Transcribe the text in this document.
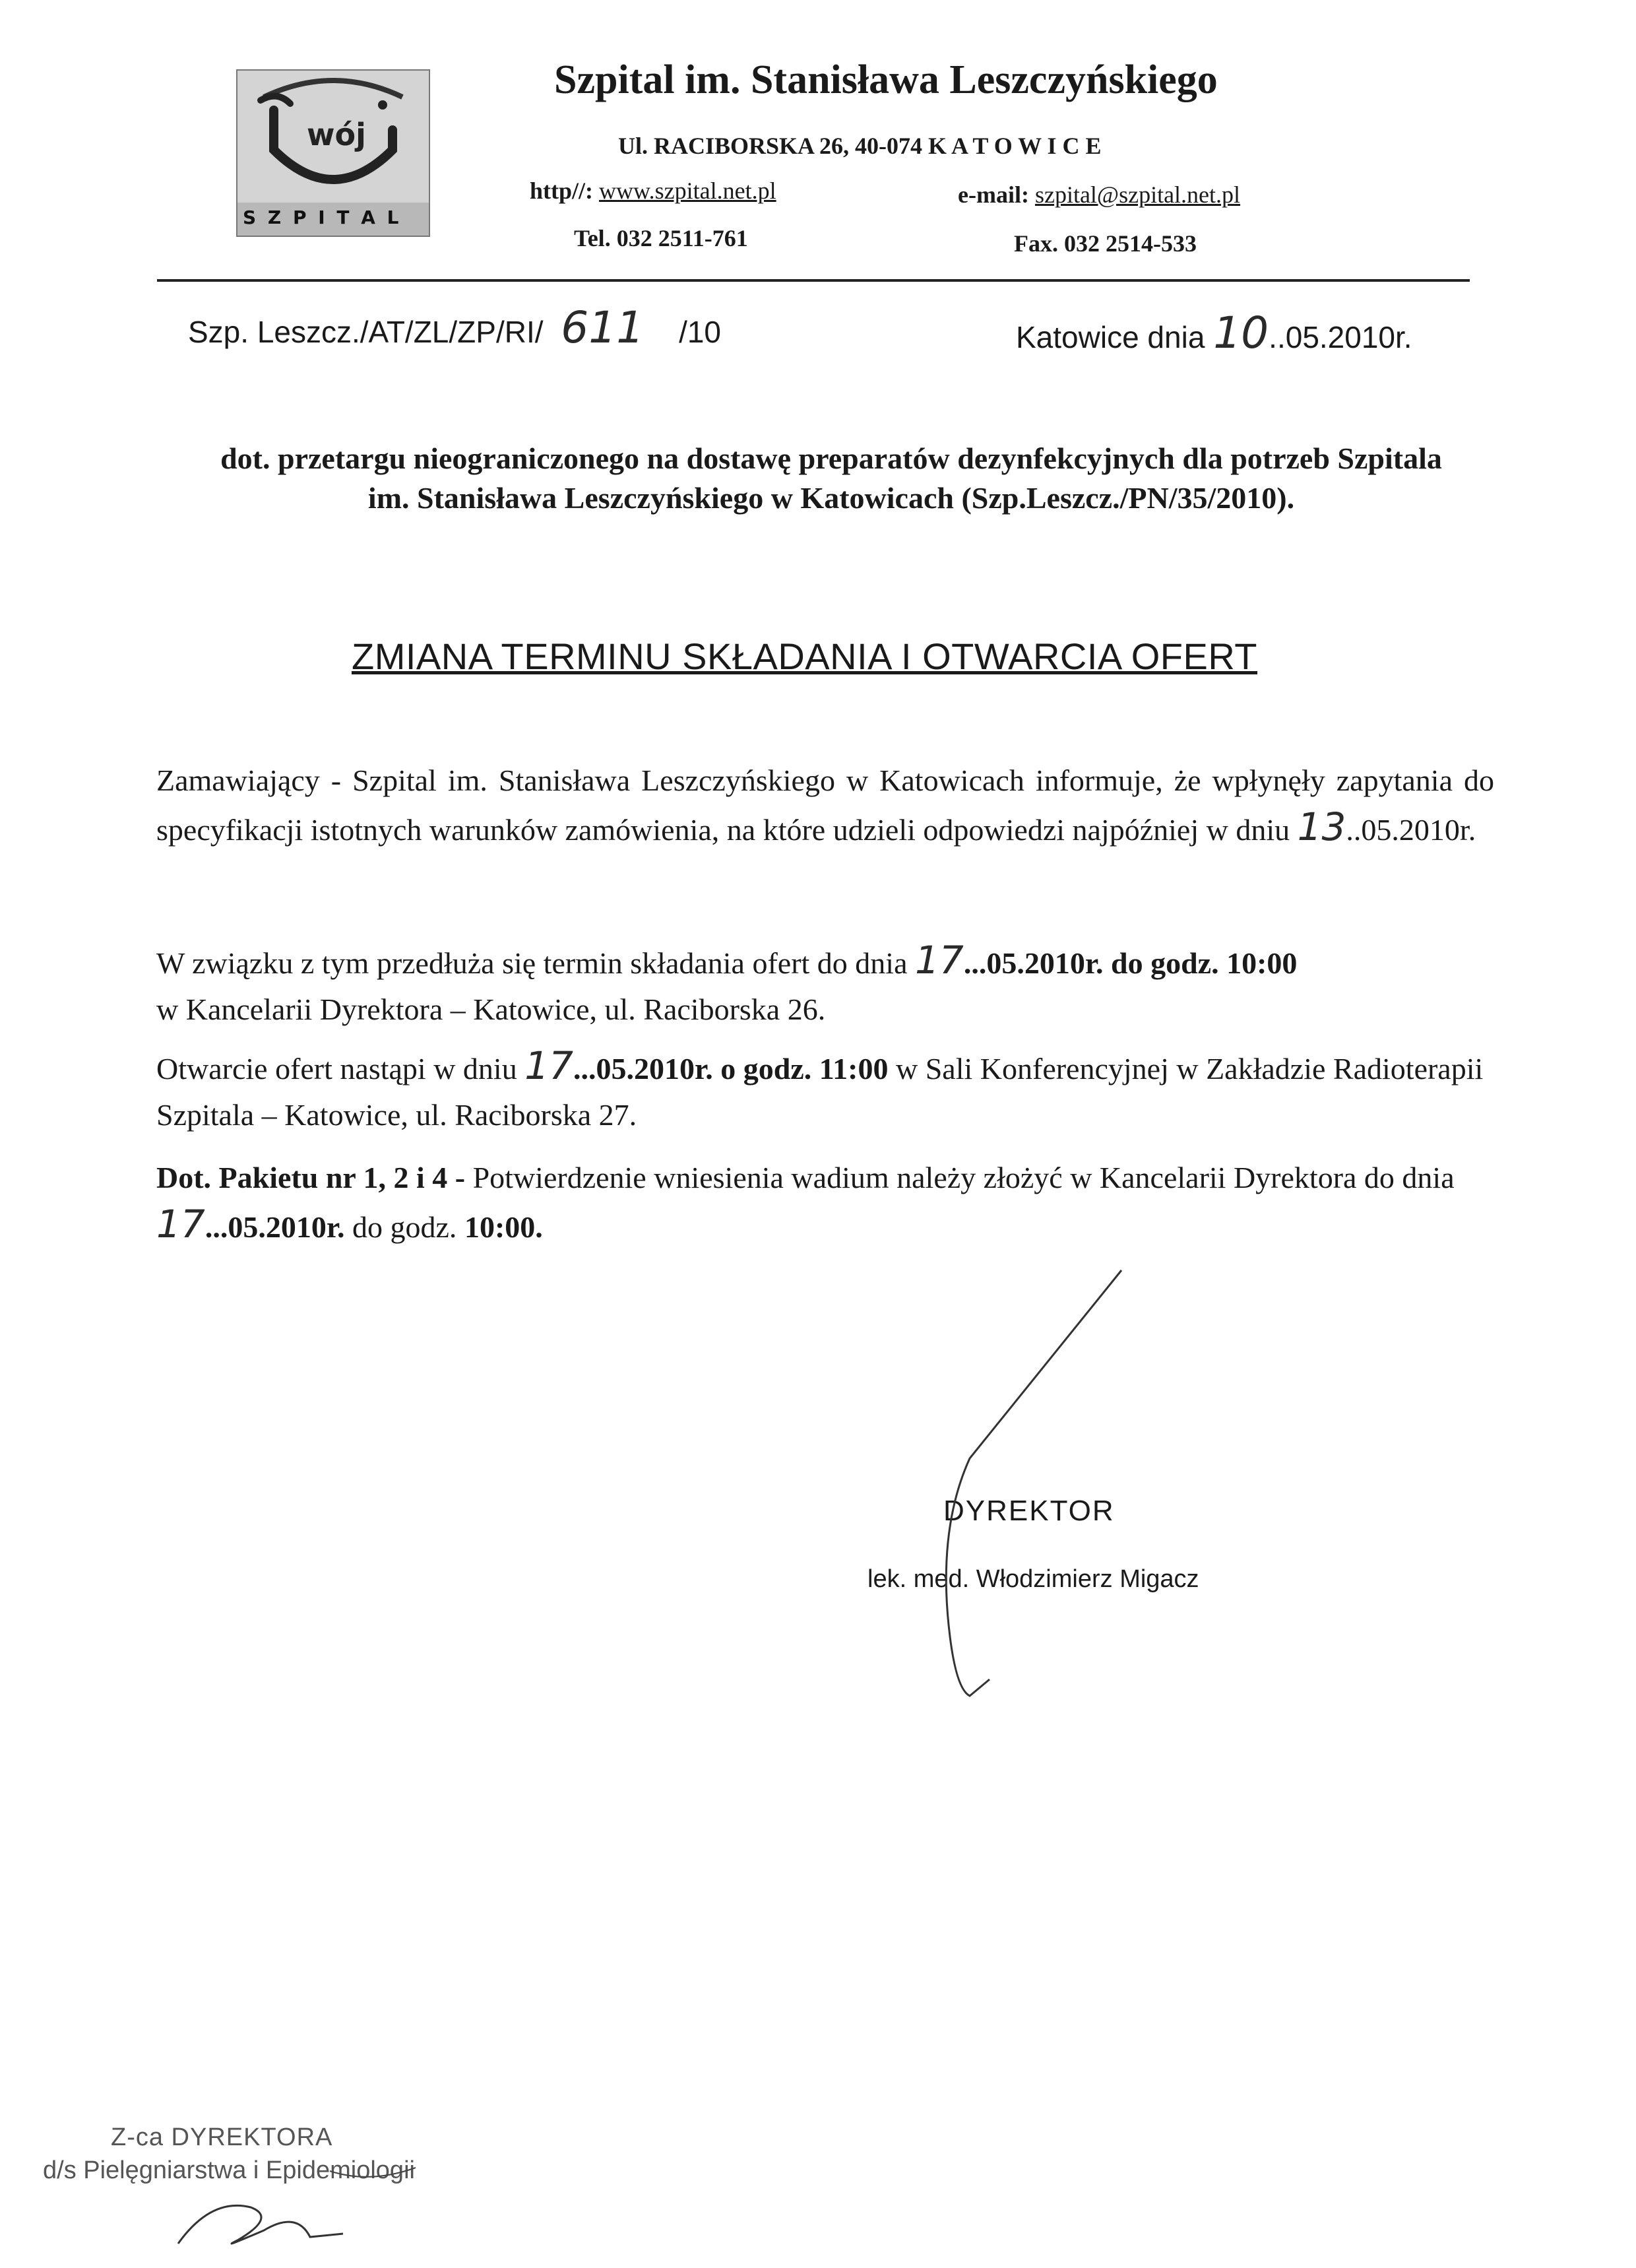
wój
S Z P I T A L
Szpital im. Stanisława Leszczyńskiego
Ul. RACIBORSKA 26, 40-074 K A T O W I C E
http//: www.szpital.net.pl	e-mail: szpital@szpital.net.pl
Tel. 032 2511-761	Fax. 032 2514-533
Szp. Leszcz./AT/ZL/ZP/RI/ 611 /10	Katowice dnia 10..05.2010r.
dot. przetargu nieograniczonego na dostawę preparatów dezynfekcyjnych dla potrzeb Szpitala im. Stanisława Leszczyńskiego w Katowicach (Szp.Leszcz./PN/35/2010).
ZMIANA TERMINU SKŁADANIA I OTWARCIA OFERT
Zamawiający - Szpital im. Stanisława Leszczyńskiego w Katowicach informuje, że wpłynęły zapytania do specyfikacji istotnych warunków zamówienia, na które udzieli odpowiedzi najpóźniej w dniu 13..05.2010r.
W związku z tym przedłuża się termin składania ofert do dnia 17...05.2010r. do godz. 10:00
w Kancelarii Dyrektora – Katowice, ul. Raciborska 26.
Otwarcie ofert nastąpi w dniu 17...05.2010r. o godz. 11:00 w Sali Konferencyjnej w Zakładzie Radioterapii Szpitala – Katowice, ul. Raciborska 27.
Dot. Pakietu nr 1, 2 i 4 - Potwierdzenie wniesienia wadium należy złożyć w Kancelarii Dyrektora do dnia 17...05.2010r. do godz. 10:00.
DYREKTOR
lek. med. Włodzimierz Migacz
Z-ca DYREKTORA
d/s Pielęgniarstwa i Epidemiologii
